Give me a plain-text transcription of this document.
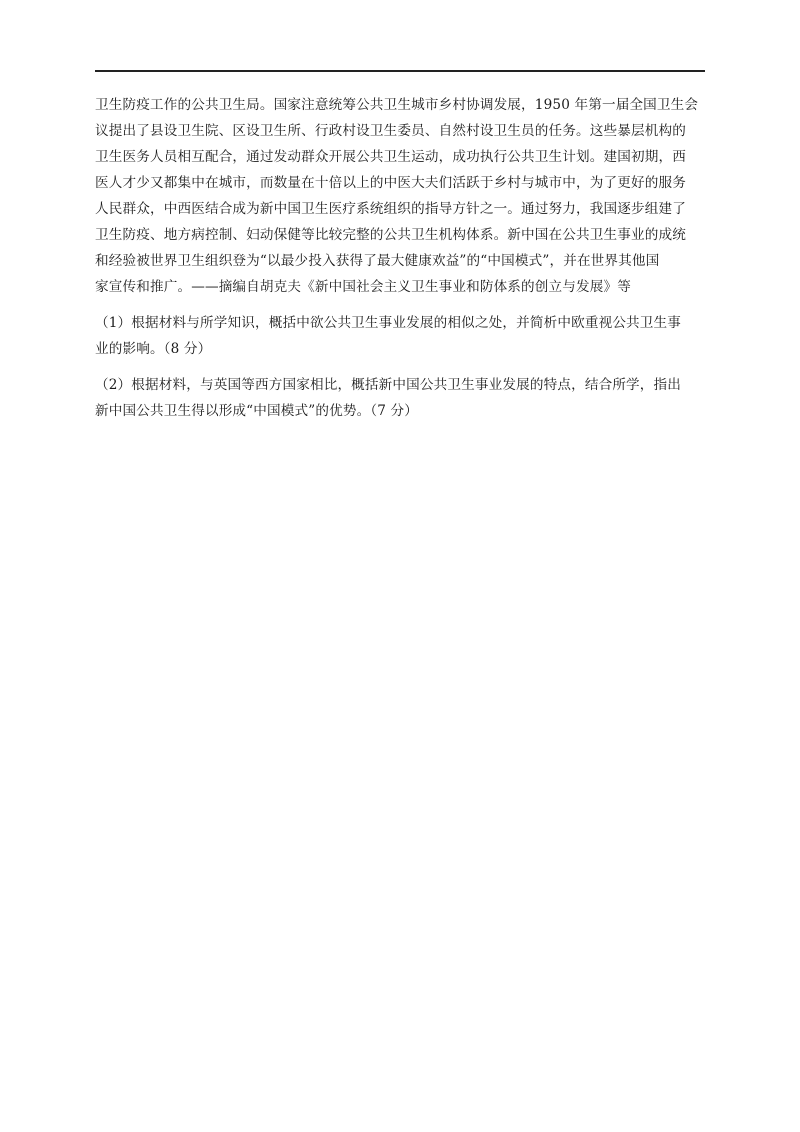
卫生防疫工作的公共卫生局。国家注意统筹公共卫生城市乡村协调发展，1950 年第一届全国卫生会
议提出了县设卫生院、区设卫生所、行政村设卫生委员、自然村设卫生员的任务。这些暴层机构的
卫生医务人员相互配合，通过发动群众开展公共卫生运动，成功执行公共卫生计划。建国初期，西
医人才少又都集中在城市，而数量在十倍以上的中医大夫们活跃于乡村与城市中，为了更好的服务
人民群众，中西医结合成为新中国卫生医疗系统组织的指导方针之一。通过努力，我国逐步组建了
卫生防疫、地方病控制、妇动保健等比较完整的公共卫生机构体系。新中国在公共卫生事业的成统
和经验被世界卫生组织登为“以最少投入获得了最大健康欢益”的“中国模式”，并在世界其他国
家宣传和推广。——摘编自胡克夫《新中国社会主义卫生事业和防体系的创立与发展》等
（1）根据材料与所学知识，概括中欲公共卫生事业发展的相似之处，并简析中欧重视公共卫生事
业的影响。（8 分）
（2）根据材料，与英国等西方国家相比，概括新中国公共卫生事业发展的特点，结合所学，指出
新中国公共卫生得以形成“中国模式”的优势。（7 分）
